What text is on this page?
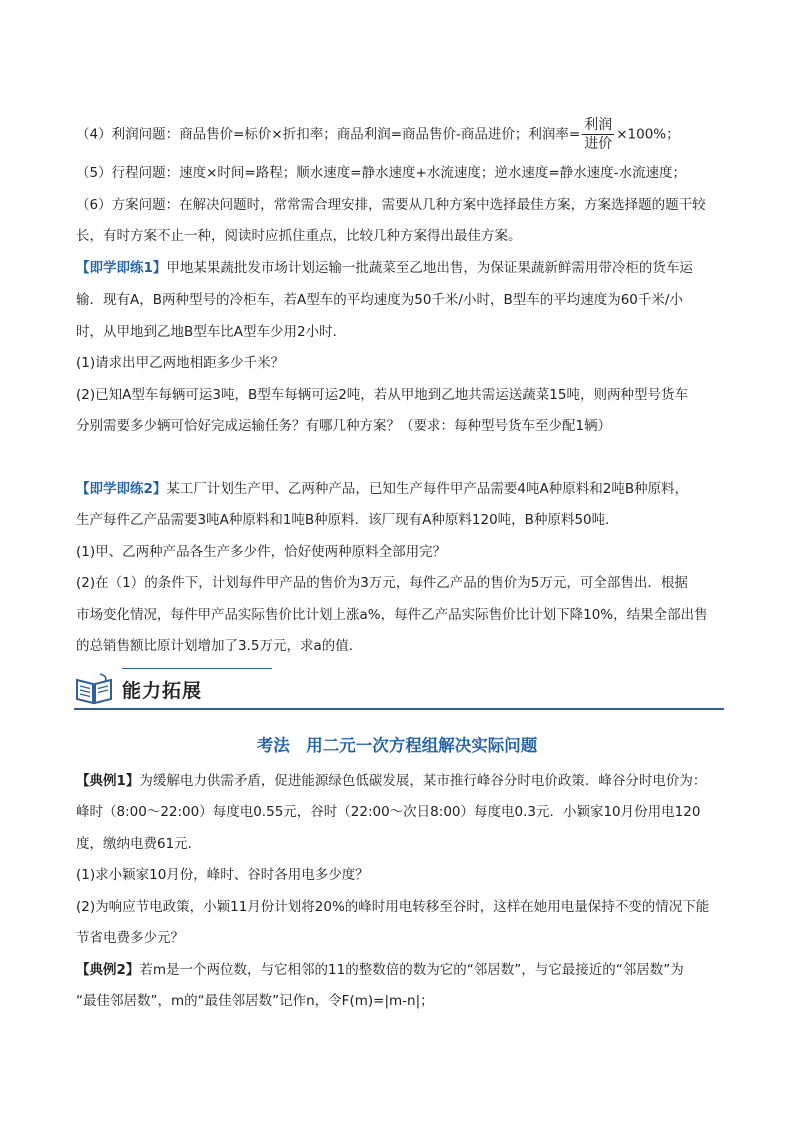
（4）利润问题：商品售价=标价×折扣率；商品利润=商品售价-商品进价；利润率= $\frac{\text{利润}}{\text{进价}} \times 100\%$；
（5）行程问题：速度×时间=路程；顺水速度=静水速度+水流速度；逆水速度=静水速度-水流速度；
（6）方案问题：在解决问题时，常常需合理安排，需要从几种方案中选择最佳方案，方案选择题的题干较
长，有时方案不止一种，阅读时应抓住重点，比较几种方案得出最佳方案。
【即学即练1】甲地某果蔬批发市场计划运输一批蔬菜至乙地出售，为保证果蔬新鲜需用带冷柜的货车运
输．现有A，B两种型号的冷柜车，若A型车的平均速度为50千米/小时，B型车的平均速度为60千米/小
时，从甲地到乙地B型车比A型车少用2小时．
(1)请求出甲乙两地相距多少千米？
(2)已知A型车每辆可运3吨，B型车每辆可运2吨，若从甲地到乙地共需运送蔬菜15吨，则两种型号货车
分别需要多少辆可恰好完成运输任务？有哪几种方案？（要求：每种型号货车至少配1辆）
【即学即练2】某工厂计划生产甲、乙两种产品，已知生产每件甲产品需要4吨A种原料和2吨B种原料，
生产每件乙产品需要3吨A种原料和1吨B种原料．该厂现有A种原料120吨，B种原料50吨．
(1)甲、乙两种产品各生产多少件，恰好使两种原料全部用完？
(2)在（1）的条件下，计划每件甲产品的售价为3万元，每件乙产品的售价为5万元，可全部售出．根据
市场变化情况，每件甲产品实际售价比计划上涨a%，每件乙产品实际售价比计划下降10%，结果全部出售
的总销售额比原计划增加了3.5万元，求a的值．
能力拓展
考法　用二元一次方程组解决实际问题
【典例1】为缓解电力供需矛盾，促进能源绿色低碳发展，某市推行峰谷分时电价政策．峰谷分时电价为：
峰时（8:00～22:00）每度电0.55元，谷时（22:00～次日8:00）每度电0.3元．小颖家10月份用电120
度，缴纳电费61元．
(1)求小颖家10月份，峰时、谷时各用电多少度？
(2)为响应节电政策，小颖11月份计划将20%的峰时用电转移至谷时，这样在她用电量保持不变的情况下能
节省电费多少元？
【典例2】若m是一个两位数，与它相邻的11的整数倍的数为它的“邻居数”，与它最接近的“邻居数”为
“最佳邻居数”，m的“最佳邻居数”记作n，令F(m)=|m-n|；
